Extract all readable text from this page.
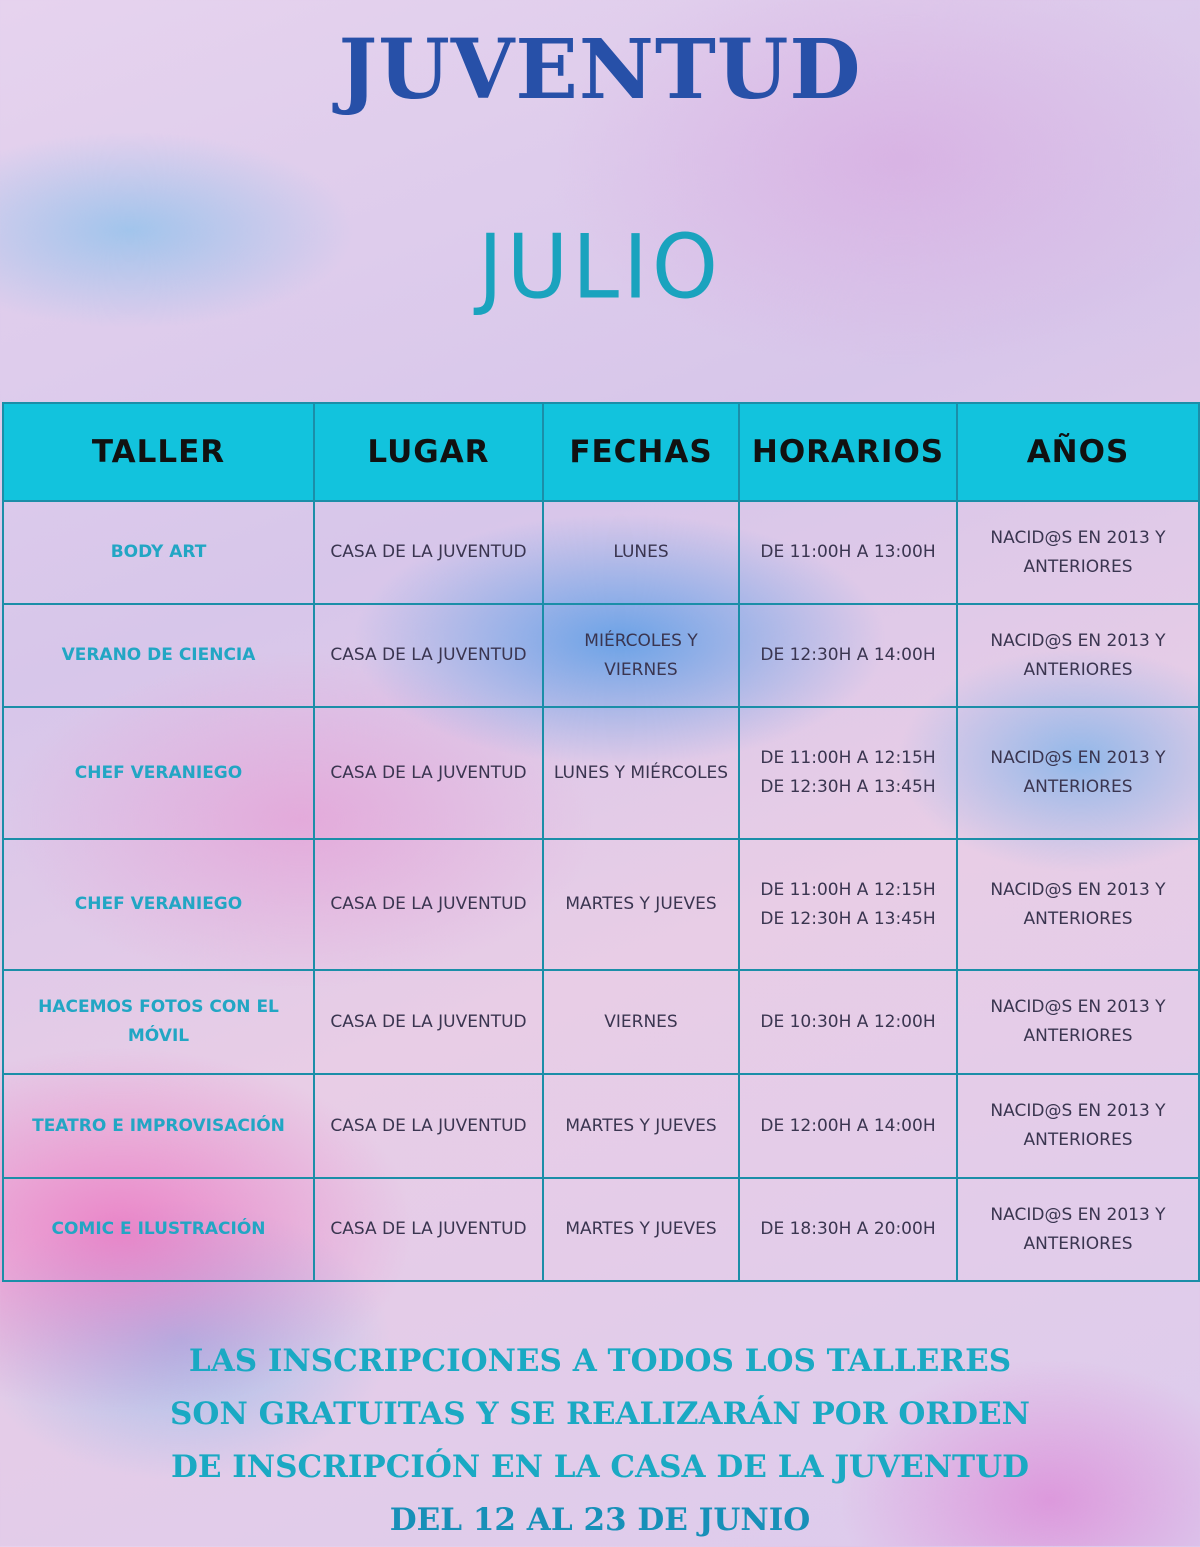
JUVENTUD
JULIO
TALLER	LUGAR	FECHAS	HORARIOS	AÑOS
BODY ART	CASA DE LA JUVENTUD	LUNES	DE 11:00H A 13:00H	NACID@S EN 2013 Y ANTERIORES
VERANO DE CIENCIA	CASA DE LA JUVENTUD	MIÉRCOLES Y VIERNES	DE 12:30H A 14:00H	NACID@S EN 2013 Y ANTERIORES
CHEF VERANIEGO	CASA DE LA JUVENTUD	LUNES Y MIÉRCOLES	DE 11:00H A 12:15H DE 12:30H A 13:45H	NACID@S EN 2013 Y ANTERIORES
CHEF VERANIEGO	CASA DE LA JUVENTUD	MARTES Y JUEVES	DE 11:00H A 12:15H DE 12:30H A 13:45H	NACID@S EN 2013 Y ANTERIORES
HACEMOS FOTOS CON EL MÓVIL	CASA DE LA JUVENTUD	VIERNES	DE 10:30H A 12:00H	NACID@S EN 2013 Y ANTERIORES
TEATRO E IMPROVISACIÓN	CASA DE LA JUVENTUD	MARTES Y JUEVES	DE 12:00H A 14:00H	NACID@S EN 2013 Y ANTERIORES
COMIC E ILUSTRACIÓN	CASA DE LA JUVENTUD	MARTES Y JUEVES	DE 18:30H A 20:00H	NACID@S EN 2013 Y ANTERIORES
LAS INSCRIPCIONES A TODOS LOS TALLERES
SON GRATUITAS Y SE REALIZARÁN POR ORDEN
DE INSCRIPCIÓN EN LA CASA DE LA JUVENTUD
DEL 12 AL 23 DE JUNIO
